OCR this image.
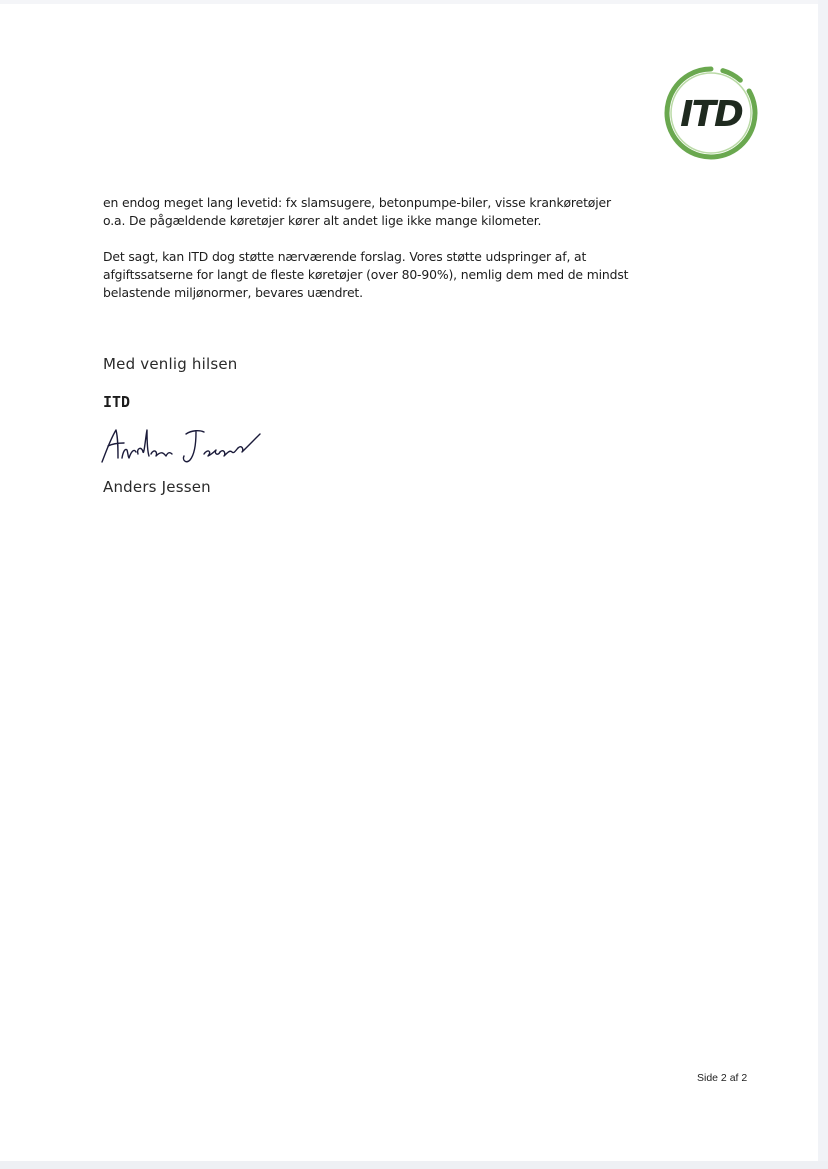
ITD

en endog meget lang levetid: fx slamsugere, betonpumpe-biler, visse krankøretøjer
o.a. De pågældende køretøjer kører alt andet lige ikke mange kilometer.

Det sagt, kan ITD dog støtte nærværende forslag. Vores støtte udspringer af, at
afgiftssatserne for langt de fleste køretøjer (over 80-90%), nemlig dem med de mindst
belastende miljønormer, bevares uændret.

Med venlig hilsen
ITD
Anders Jessen
Side 2 af 2
